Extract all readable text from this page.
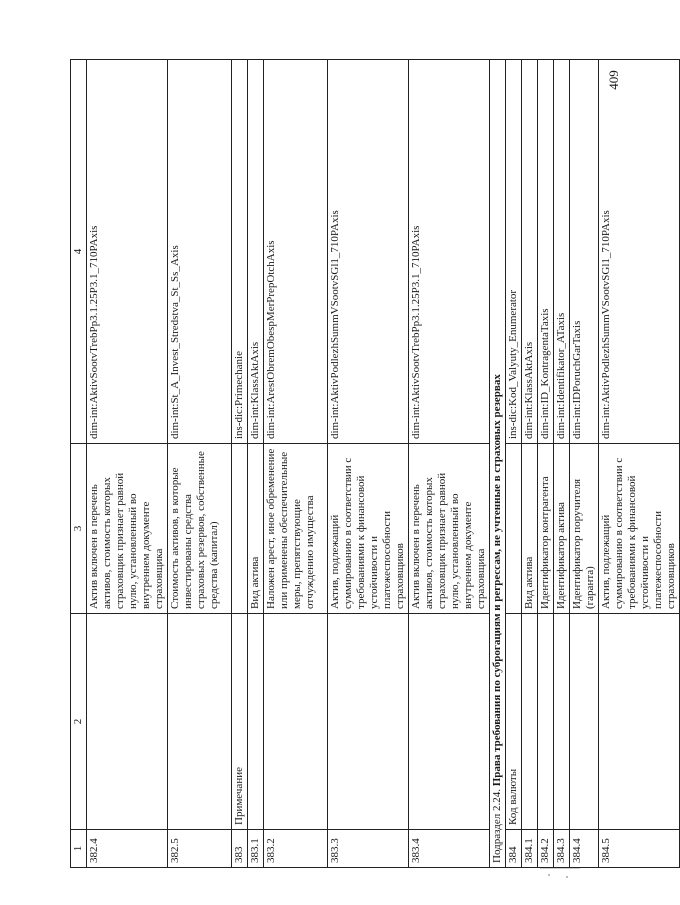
1	2	3	4
382.4		Актив включен в перечень активов, стоимость которых страховщик признает равной нулю, установленный во внутреннем документе страховщика	dim-int:AktivSootvTrebPp3.1.25P3.1_710PAxis
382.5		Стоимость активов, в которые инвестированы средства страховых резервов, собственные средства (капитал)	dim-int:St_A_Invest_Stredstva_St_Ss_Axis
383	Примечание		ins-dic:Primechanie
383.1		Вид актива	dim-int:KlassAktAxis
383.2		Наложен арест, иное обременение или применены обеспечительные меры, препятствующие отчуждению имущества	dim-int:ArestObremObespMerPrepOtchAxis
383.3		Актив, подлежащий суммированию в соответствии с требованиями к финансовой устойчивости и платежеспособности страховщиков	dim-int:AktivPodlezhSummVSootvSGl1_710PAxis
383.4		Актив включен в перечень активов, стоимость которых страховщик признает равной нулю, установленный во внутреннем документе страховщика	dim-int:AktivSootvTrebPp3.1.25P3.1_710PAxis
Подраздел 2.24. Права требования по суброгациям и регрессам, не учтенные в страховых резервах			
384	Код валюты		ins-dic:Kod_Valyuty_Enumerator
384.1		Вид актива	dim-int:KlassAktAxis
384.2		Идентификатор контрагента	dim-int:ID_KontragentaTaxis
384.3		Идентификатор актива	dim-int:Identifikator_ATaxis
384.4		Идентификатор поручителя (гаранта)	dim-int:IDPoruchGarTaxis
384.5		Актив, подлежащий суммированию в соответствии с требованиями к финансовой устойчивости и платежеспособности страховщиков	dim-int:AktivPodlezhSummVSootvSGl1_710PAxis
409
